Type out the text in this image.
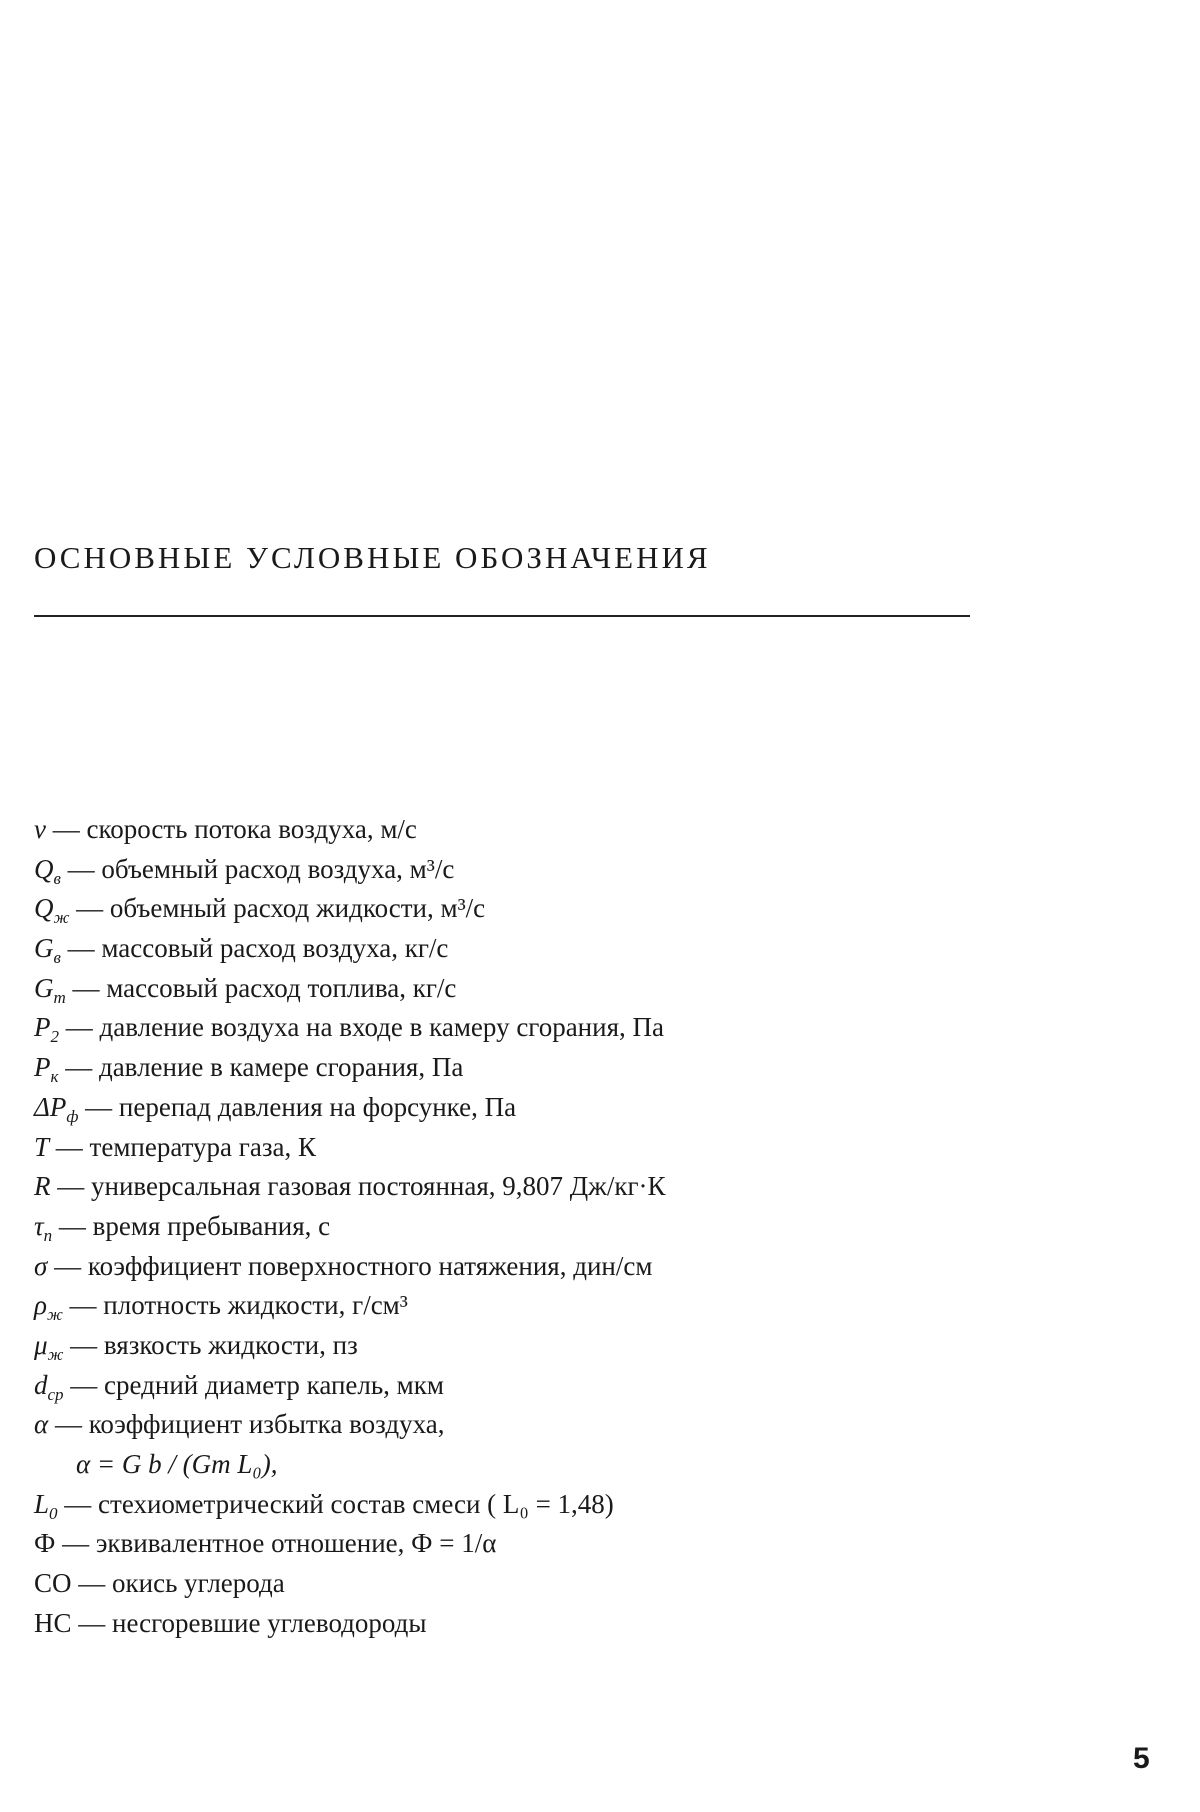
ОСНОВНЫЕ УСЛОВНЫЕ ОБОЗНАЧЕНИЯ
v — скорость потока воздуха, м/с
$Q_в$ — объемный расход воздуха, м³/с
$Q_ж$ — объемный расход жидкости, м³/с
$G_в$ — массовый расход воздуха, кг/с
$G_т$ — массовый расход топлива, кг/с
$P_2$ — давление воздуха на входе в камеру сгорания, Па
$P_к$ — давление в камере сгорания, Па
$\Delta P_ф$ — перепад давления на форсунке, Па
T — температура газа, К
R — универсальная газовая постоянная, 9,807 Дж/кг·К
$\tau_п$ — время пребывания, с
σ — коэффициент поверхностного натяжения, дин/см
$\rho_ж$ — плотность жидкости, г/см³
$\mu_ж$ — вязкость жидкости, пз
$d_{ср}$ — средний диаметр капель, мкм
α — коэффициент избытка воздуха,
α = G b / (Gт L₀),
$L_0$ — стехиометрический состав смеси ( L₀ = 1,48)
Ф — эквивалентное отношение, Ф = 1/α
СО — окись углерода
НС — несгоревшие углеводороды
5
